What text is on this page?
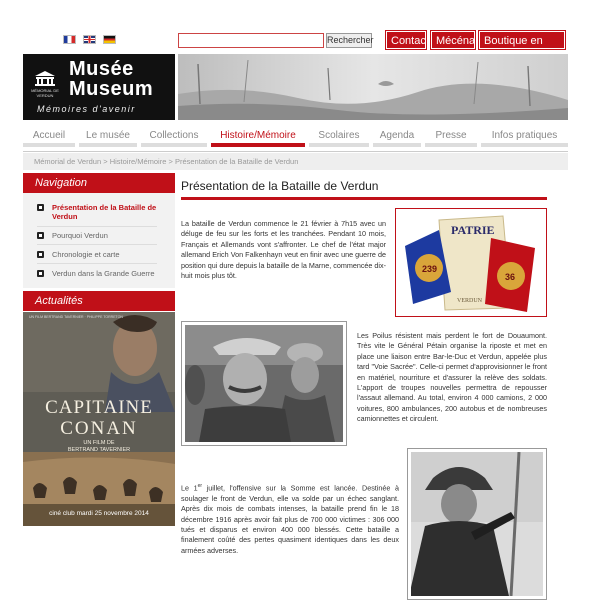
Rechercher	Contact Mécénat Boutique en
MÉMORIAL DE VERDUN
Musée
Museum
Mémoires d'avenir
Accueil	Le musée	Collections	Histoire/Mémoire	Scolaires	Agenda	Presse	Infos pratiques
Mémorial de Verdun > Histoire/Mémoire > Présentation de la Bataille de Verdun
Navigation
Présentation de la Bataille de Verdun
Pourquoi Verdun
Chronologie et carte
Verdun dans la Grande Guerre
Actualités
UN FILM BERTRAND TAVERNIER · PHILIPPE TORRETON
CAPITAINE
CONAN
UN FILM DE
BERTRAND TAVERNIER
ciné club mardi 25 novembre 2014
Présentation de la Bataille de Verdun
La bataille de Verdun commence le 21 février à 7h15 avec un déluge de feu sur les forts et les tranchées. Pendant 10 mois, Français et Allemands vont s'affronter. Le chef de l'état major allemand Erich Von Falkenhayn veut en finir avec une guerre de position qui dure depuis la bataille de la Marne, commencée dix-huit mois plus tôt.
PATRIE
239
36
VERDUN
Les Poilus résistent mais perdent le fort de Douaumont. Très vite le Général Pétain organise la riposte et met en place une liaison entre Bar-le-Duc et Verdun, appelée plus tard "Voie Sacrée". Celle-ci permet d'approvisionner le front en matériel, nourriture et d'assurer la relève des soldats. L'apport de troupes nouvelles permettra de repousser l'assaut allemand. Au total, environ 4 000 camions, 2 000 voitures, 800 ambulances, 200 autobus et de nombreuses camionnettes et circulent.
Le 1er juillet, l'offensive sur la Somme est lancée. Destinée à soulager le front de Verdun, elle va solde par un échec sanglant. Après dix mois de combats intenses, la bataille prend fin le 18 décembre 1916 après avoir fait plus de 700 000 victimes : 306 000 tués et disparus et environ 400 000 blessés. Cette bataille a finalement coûté des pertes quasiment identiques dans les deux armées adverses.
